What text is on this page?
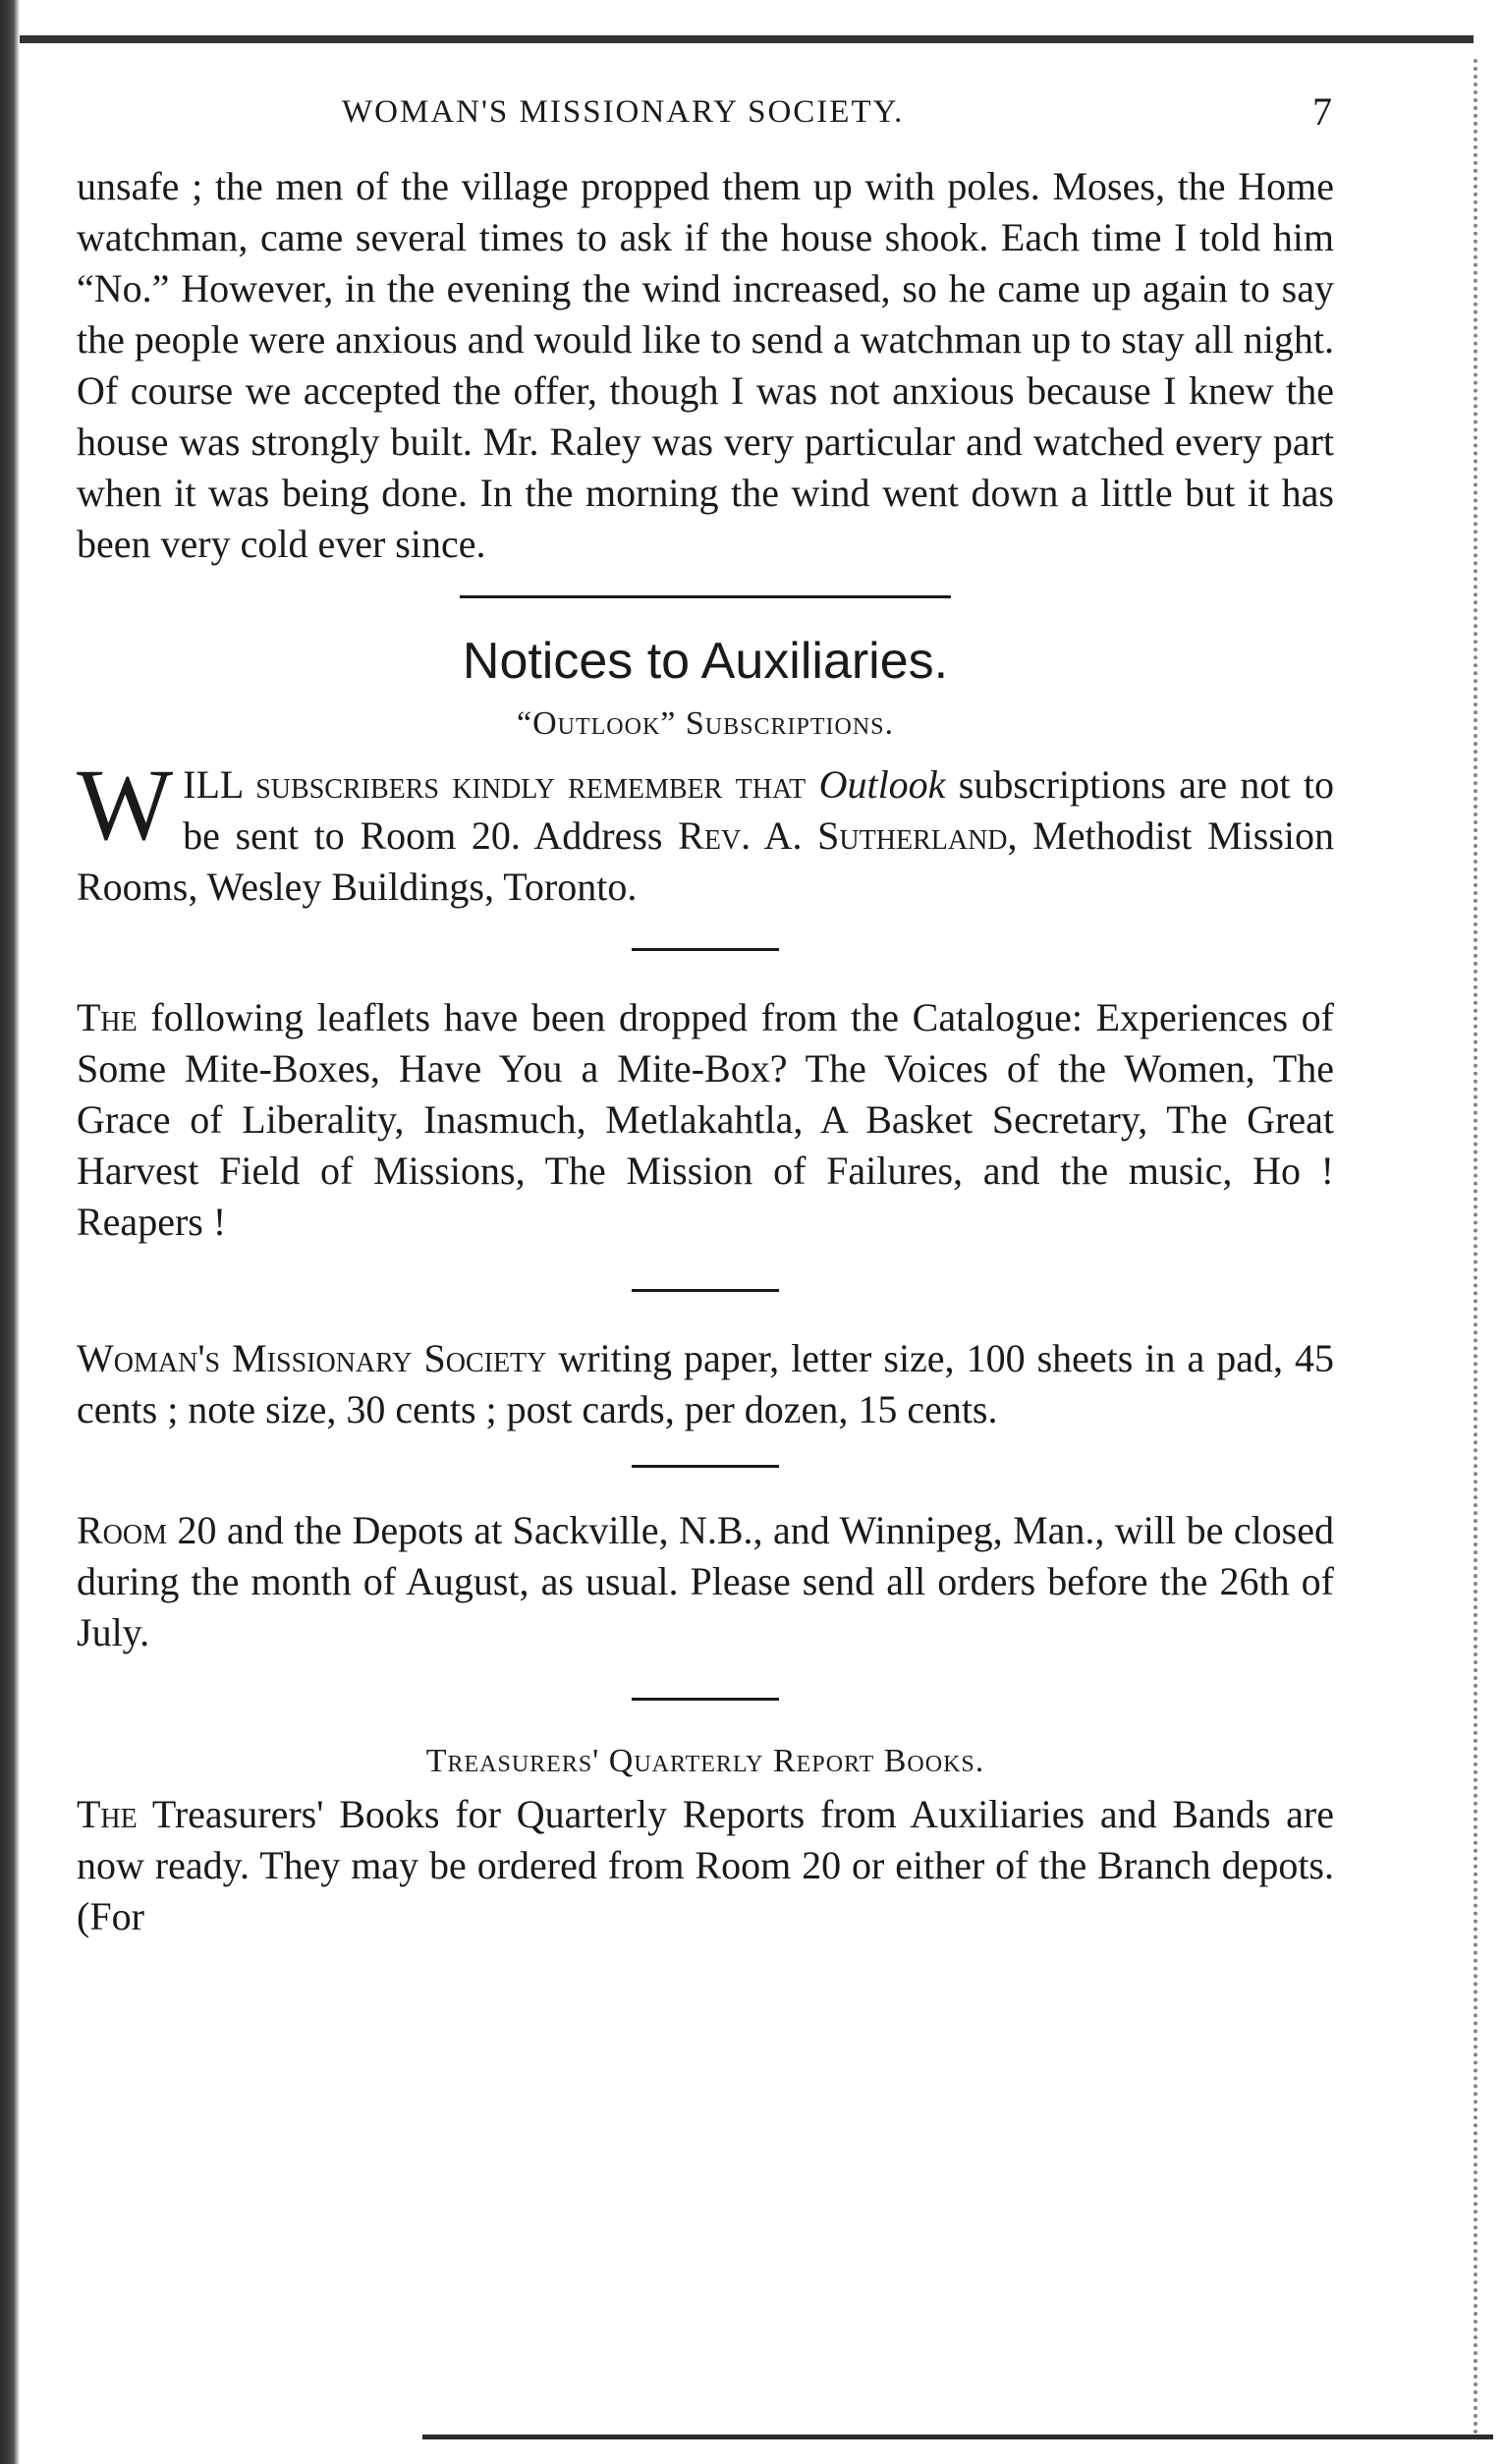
WOMAN'S MISSIONARY SOCIETY.	7

unsafe ; the men of the village propped them up with poles. Moses, the Home watchman, came several times to ask if the house shook. Each time I told him “No.” However, in the evening the wind increased, so he came up again to say the people were anxious and would like to send a watchman up to stay all night. Of course we accepted the offer, though I was not anxious because I knew the house was strongly built. Mr. Raley was very particular and watched every part when it was being done. In the morning the wind went down a little but it has been very cold ever since.

Notices to Auxiliaries.
“Outlook” Subscriptions.

WILL subscribers kindly remember that Outlook subscriptions are not to be sent to Room 20. Address Rev. A. Sutherland, Methodist Mission Rooms, Wesley Buildings, Toronto.

The following leaflets have been dropped from the Catalogue: Experiences of Some Mite-Boxes, Have You a Mite-Box? The Voices of the Women, The Grace of Liberality, Inasmuch, Metlakahtla, A Basket Secretary, The Great Harvest Field of Missions, The Mission of Failures, and the music, Ho ! Reapers !

Woman's Missionary Society writing paper, letter size, 100 sheets in a pad, 45 cents ; note size, 30 cents ; post cards, per dozen, 15 cents.

Room 20 and the Depots at Sackville, N.B., and Winnipeg, Man., will be closed during the month of August, as usual. Please send all orders before the 26th of July.

Treasurers' Quarterly Report Books.

The Treasurers' Books for Quarterly Reports from Auxiliaries and Bands are now ready. They may be ordered from Room 20 or either of the Branch depots. (For
